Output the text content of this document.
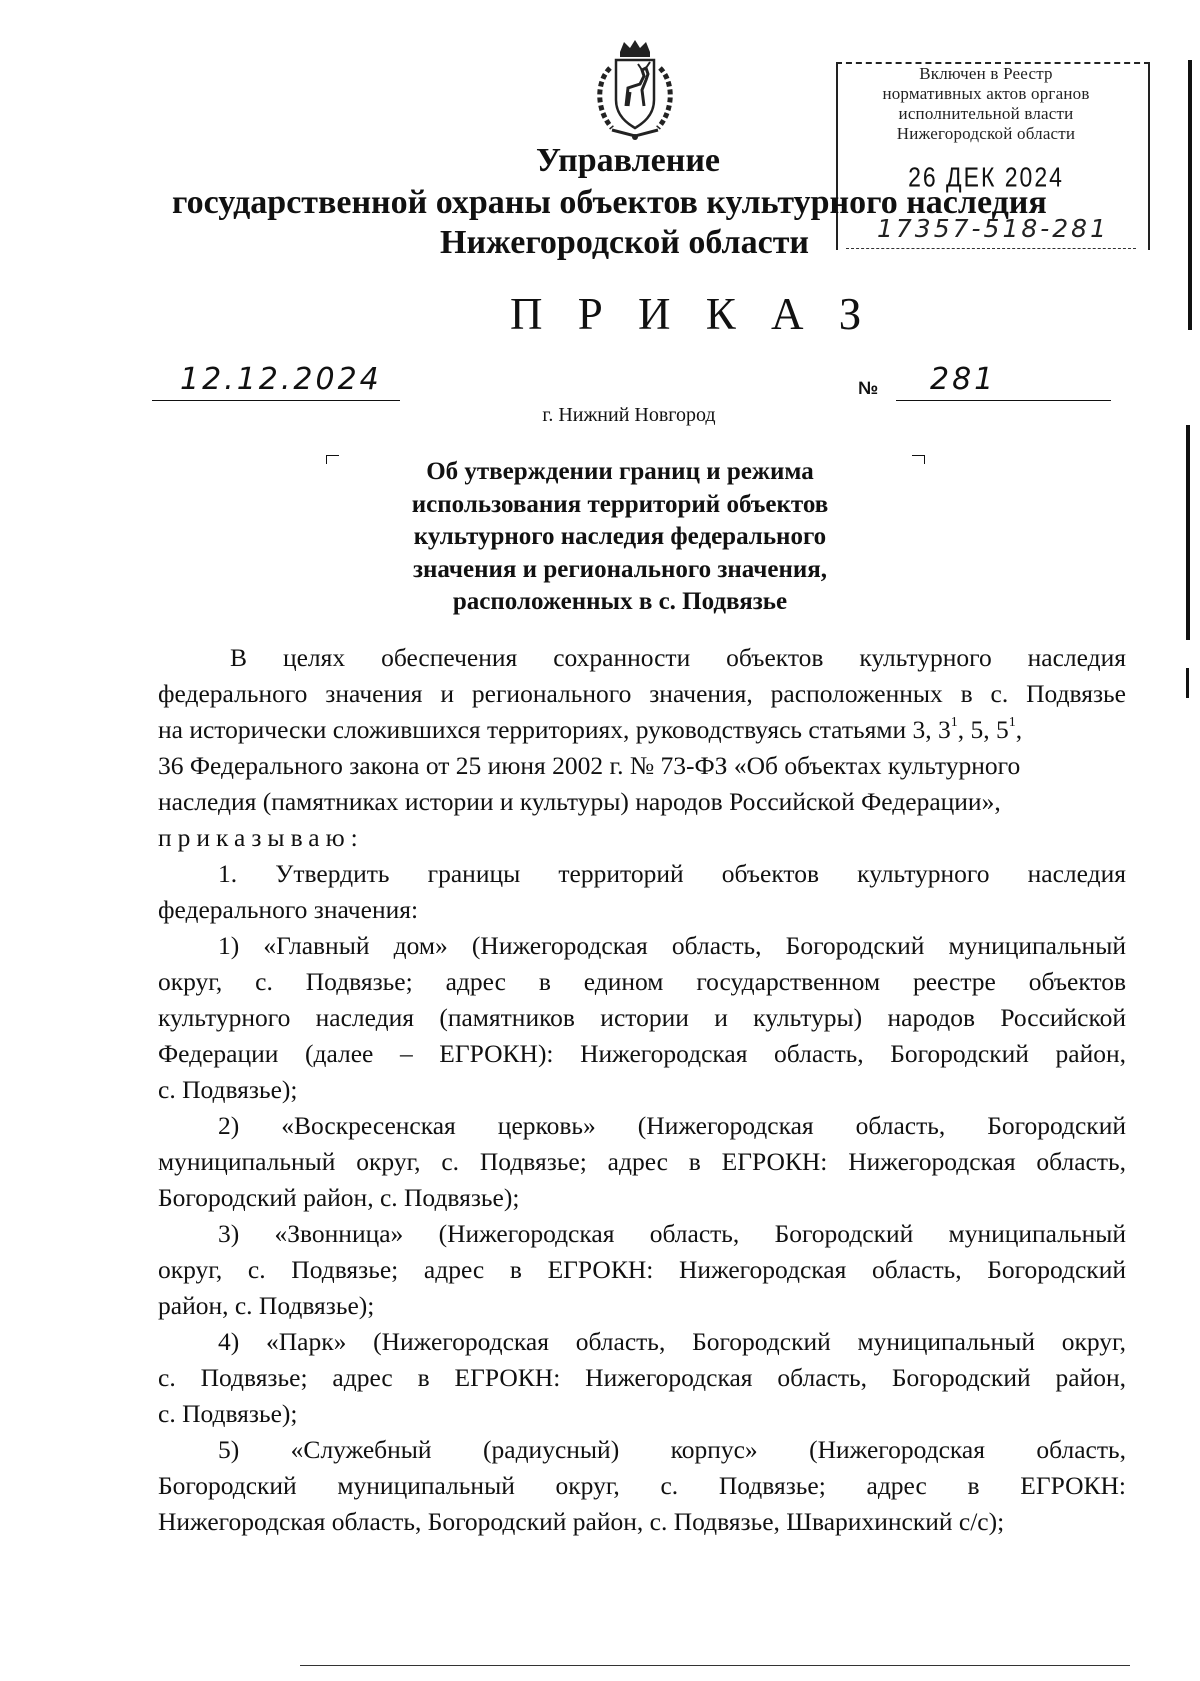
Включен в Реестр
нормативных актов органов
исполнительной власти
Нижегородской области
26 ДЕК 2024
17357-518-281
Управление
государственной охраны объектов культурного наследия
Нижегородской области
П Р И К А З
12.12.2024	№ 281
г. Нижний Новгород
Об утверждении границ и режима
использования территорий объектов
культурного наследия федерального
значения и регионального значения,
расположенных в с. Подвязье
В целях обеспечения сохранности объектов культурного наследия
федерального значения и регионального значения, расположенных в с. Подвязье
на исторически сложившихся территориях, руководствуясь статьями 3, $3^1$, 5, $5^1$,
36 Федерального закона от 25 июня 2002 г. № 73-ФЗ «Об объектах культурного
наследия (памятниках истории и культуры) народов Российской Федерации»,
приказываю:
1. Утвердить границы территорий объектов культурного наследия
федерального значения:
1) «Главный дом» (Нижегородская область, Богородский муниципальный
округ, с. Подвязье; адрес в едином государственном реестре объектов
культурного наследия (памятников истории и культуры) народов Российской
Федерации (далее – ЕГРОКН): Нижегородская область, Богородский район,
с. Подвязье);
2) «Воскресенская церковь» (Нижегородская область, Богородский
муниципальный округ, с. Подвязье; адрес в ЕГРОКН: Нижегородская область,
Богородский район, с. Подвязье);
3) «Звонница» (Нижегородская область, Богородский муниципальный
округ, с. Подвязье; адрес в ЕГРОКН: Нижегородская область, Богородский
район, с. Подвязье);
4) «Парк» (Нижегородская область, Богородский муниципальный округ,
с. Подвязье; адрес в ЕГРОКН: Нижегородская область, Богородский район,
с. Подвязье);
5) «Служебный (радиусный) корпус» (Нижегородская область,
Богородский муниципальный округ, с. Подвязье; адрес в ЕГРОКН:
Нижегородская область, Богородский район, с. Подвязье, Шварихинский с/с);
